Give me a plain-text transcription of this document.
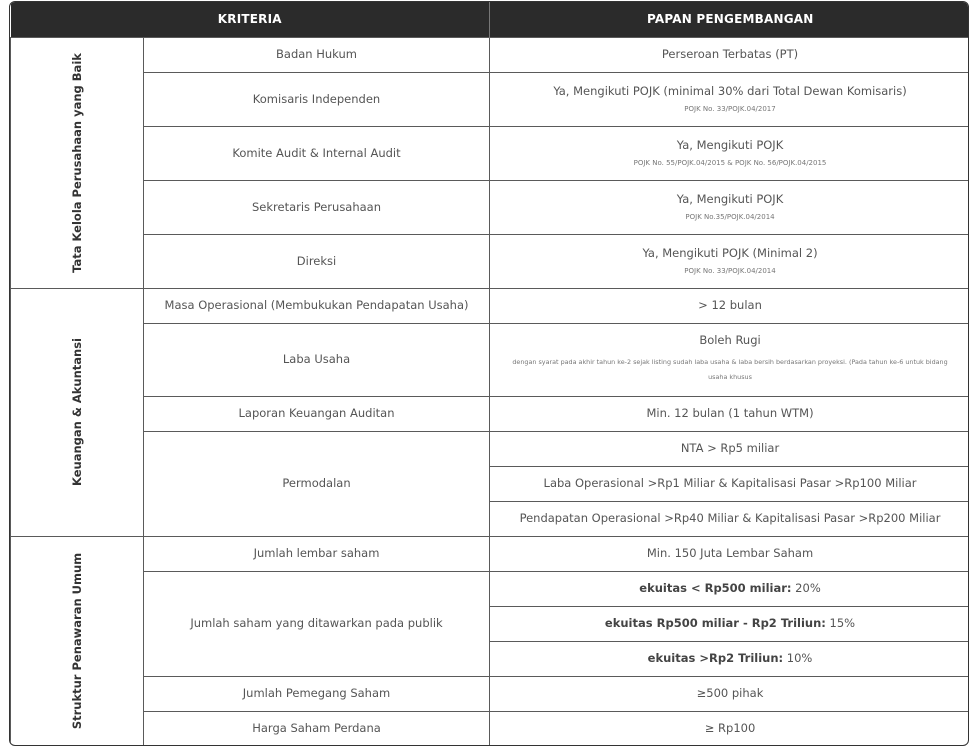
KRITERIA		PAPAN PENGEMBANGAN

Tata Kelola Perusahaan yang Baik	Badan Hukum	Perseroan Terbatas (PT)
	Komisaris Independen	Ya, Mengikuti POJK (minimal 30% dari Total Dewan Komisaris)
POJK No. 33/POJK.04/2017

	Komite Audit & Internal Audit	Ya, Mengikuti POJK
POJK No. 55/POJK.04/2015 & POJK No. 56/POJK.04/2015

	Sekretaris Perusahaan	Ya, Mengikuti POJK
POJK No.35/POJK.04/2014

	Direksi	Ya, Mengikuti POJK (Minimal 2)
POJK No. 33/POJK.04/2014

Keuangan & Akuntansi	Masa Operasional (Membukukan Pendapatan Usaha)	> 12 bulan
	Laba Usaha	Boleh Rugi
dengan syarat pada akhir tahun ke-2 sejak listing sudah laba usaha & laba bersih berdasarkan proyeksi. (Pada tahun ke-6 untuk bidang usaha khusus

	Laporan Keuangan Auditan	Min. 12 bulan (1 tahun WTM)
	Permodalan	NTA > Rp5 miliar
		Laba Operasional >Rp1 Miliar & Kapitalisasi Pasar >Rp100 Miliar
		Pendapatan Operasional >Rp40 Miliar & Kapitalisasi Pasar >Rp200 Miliar

Struktur Penawaran Umum	Jumlah lembar saham	Min. 150 Juta Lembar Saham
	Jumlah saham yang ditawarkan pada publik	ekuitas < Rp500 miliar: 20%
		ekuitas Rp500 miliar - Rp2 Triliun: 15%
		ekuitas >Rp2 Triliun: 10%
	Jumlah Pemegang Saham	≥500 pihak
	Harga Saham Perdana	≥ Rp100
